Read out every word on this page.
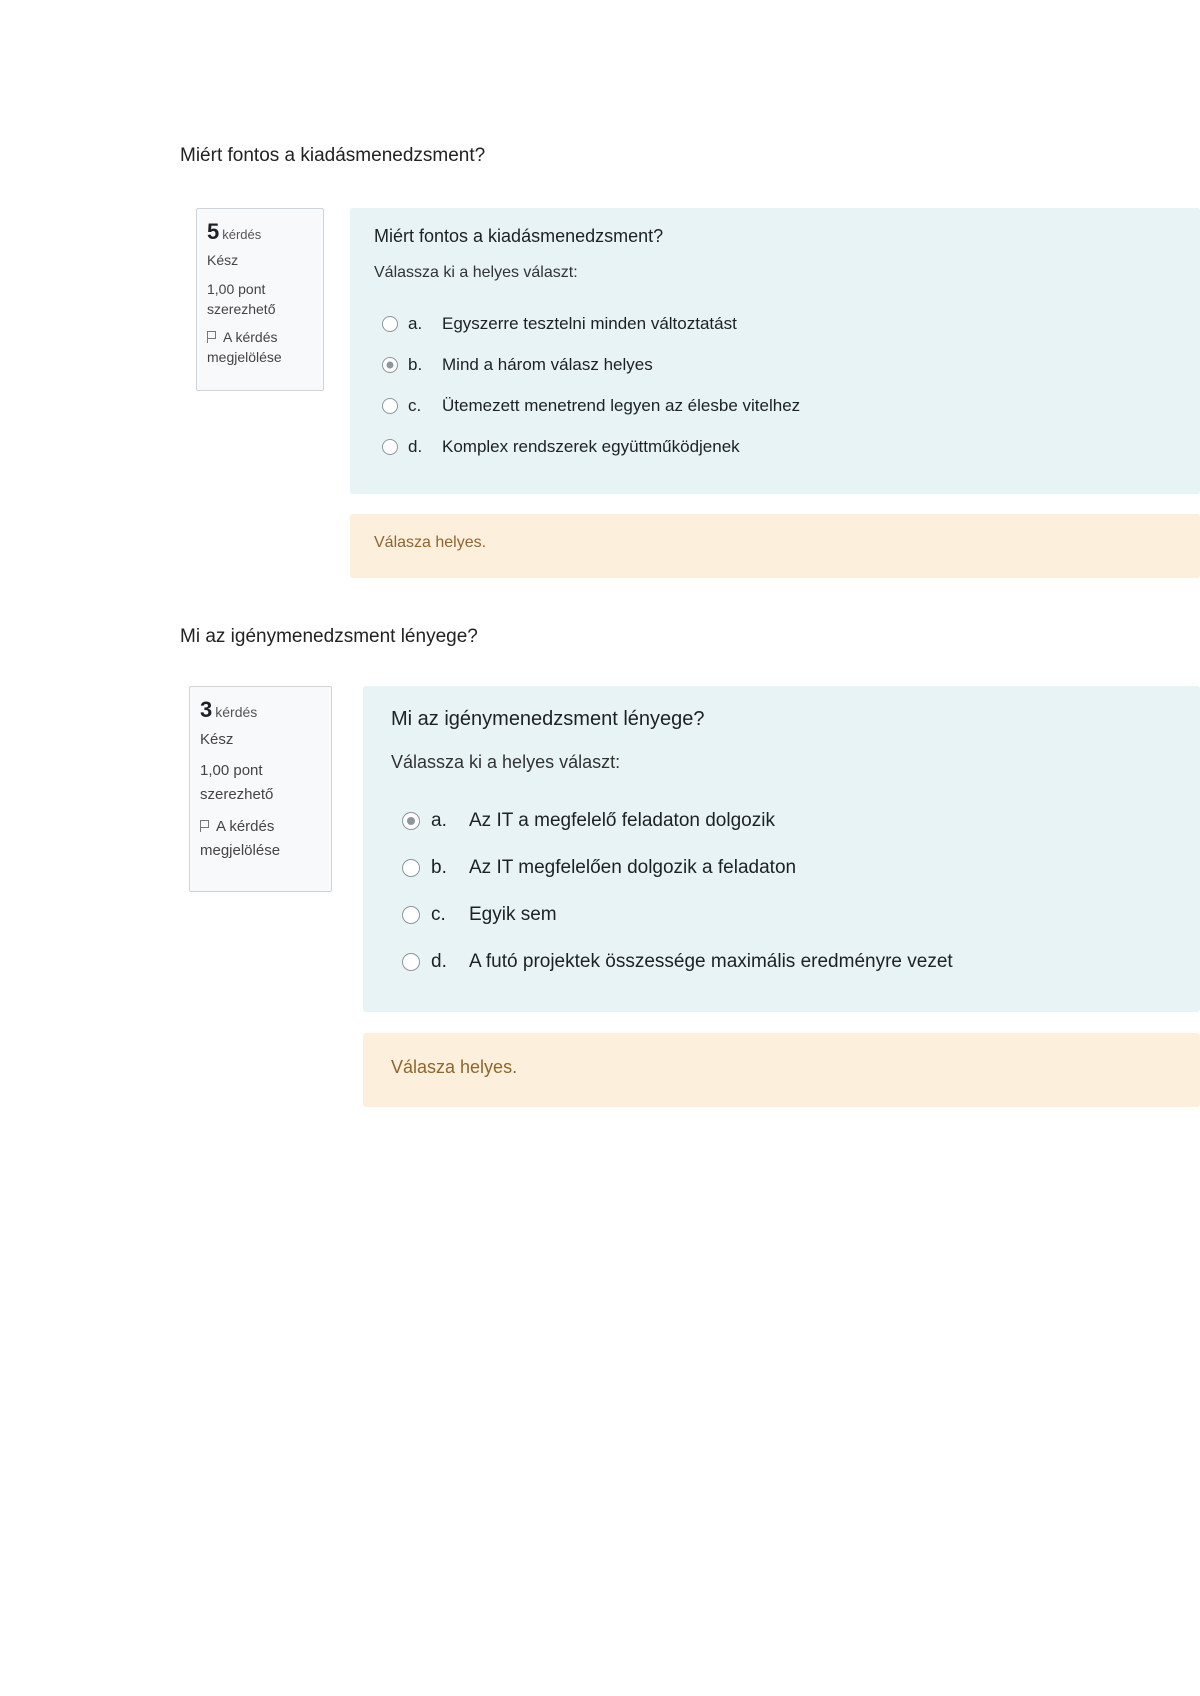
Miért fontos a kiadásmenedzsment?
5 kérdés
Kész
1,00 pont szerezhető
A kérdés megjelölése
Miért fontos a kiadásmenedzsment?
Válassza ki a helyes választ:
a.	Egyszerre tesztelni minden változtatást
b.	Mind a három válasz helyes
c.	Ütemezett menetrend legyen az élesbe vitelhez
d.	Komplex rendszerek együttműködjenek
Válasza helyes.
Mi az igénymenedzsment lényege?
3 kérdés
Kész
1,00 pont szerezhető
A kérdés megjelölése
Mi az igénymenedzsment lényege?
Válassza ki a helyes választ:
a.	Az IT a megfelelő feladaton dolgozik
b.	Az IT megfelelően dolgozik a feladaton
c.	Egyik sem
d.	A futó projektek összessége maximális eredményre vezet
Válasza helyes.
